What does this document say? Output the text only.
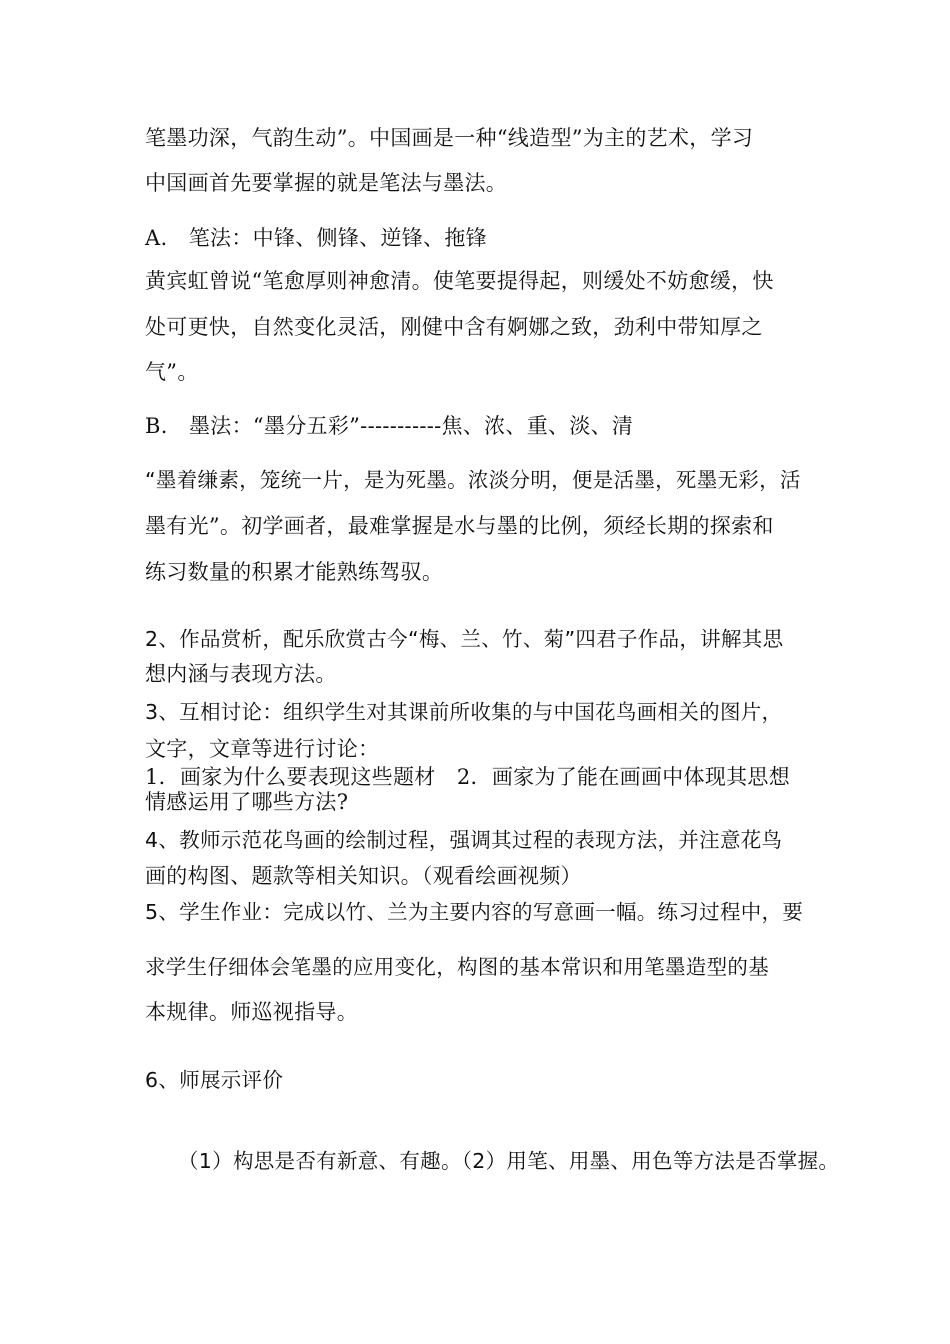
笔墨功深，气韵生动”。中国画是一种“线造型”为主的艺术，学习
中国画首先要掌握的就是笔法与墨法。
A.　笔法：中锋、侧锋、逆锋、拖锋
黄宾虹曾说“笔愈厚则神愈清。使笔要提得起，则缓处不妨愈缓，快
处可更快，自然变化灵活，刚健中含有婀娜之致，劲利中带知厚之
气”。
B.　墨法：“墨分五彩”-----------焦、浓、重、淡、清
“墨着缣素，笼统一片，是为死墨。浓淡分明，便是活墨，死墨无彩，活
墨有光”。初学画者，最难掌握是水与墨的比例，须经长期的探索和
练习数量的积累才能熟练驾驭。
2、作品赏析，配乐欣赏古今“梅、兰、竹、菊”四君子作品，讲解其思
想内涵与表现方法。
3、互相讨论：组织学生对其课前所收集的与中国花鸟画相关的图片，
文字，文章等进行讨论：
1．画家为什么要表现这些题材　2．画家为了能在画画中体现其思想
情感运用了哪些方法?
4、教师示范花鸟画的绘制过程，强调其过程的表现方法，并注意花鸟
画的构图、题款等相关知识。（观看绘画视频）
5、学生作业：完成以竹、兰为主要内容的写意画一幅。练习过程中，要
求学生仔细体会笔墨的应用变化，构图的基本常识和用笔墨造型的基
本规律。师巡视指导。
6、师展示评价
（1）构思是否有新意、有趣。（2）用笔、用墨、用色等方法是否掌握。
